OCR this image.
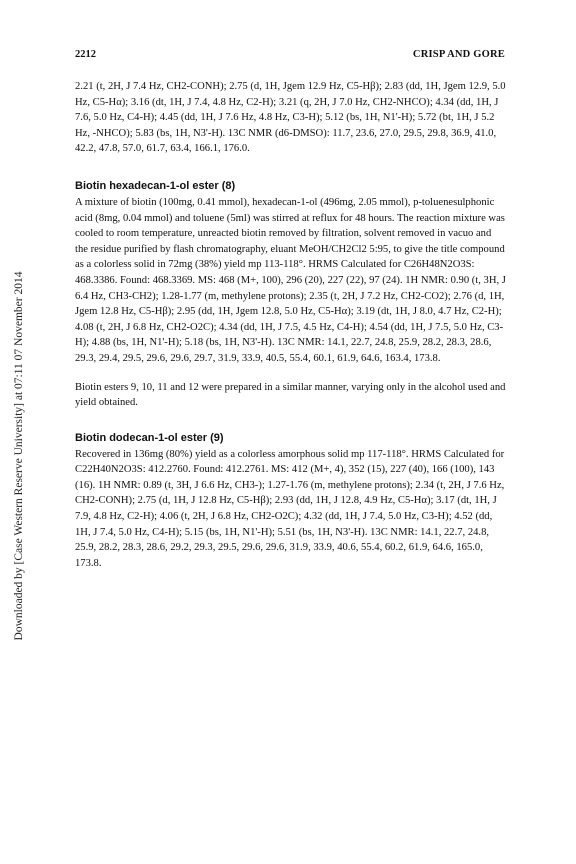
2212	CRISP AND GORE
Downloaded by [Case Western Reserve University] at 07:11 07 November 2014

2.21 (t, 2H, J 7.4 Hz, CH2-CONH); 2.75 (d, 1H, Jgem 12.9 Hz, C5-Hβ); 2.83 (dd, 1H, Jgem 12.9, 5.0 Hz, C5-Hα); 3.16 (dt, 1H, J 7.4, 4.8 Hz, C2-H); 3.21 (q, 2H, J 7.0 Hz, CH2-NHCO); 4.34 (dd, 1H, J 7.6, 5.0 Hz, C4-H); 4.45 (dd, 1H, J 7.6 Hz, 4.8 Hz, C3-H); 5.12 (bs, 1H, N1'-H); 5.72 (bt, 1H, J 5.2 Hz, -NHCO); 5.83 (bs, 1H, N3'-H). 13C NMR (d6-DMSO): 11.7, 23.6, 27.0, 29.5, 29.8, 36.9, 41.0, 42.2, 47.8, 57.0, 61.7, 63.4, 166.1, 176.0.

Biotin hexadecan-1-ol ester (8)

A mixture of biotin (100mg, 0.41 mmol), hexadecan-1-ol (496mg, 2.05 mmol), p-toluenesulphonic acid (8mg, 0.04 mmol) and toluene (5ml) was stirred at reflux for 48 hours. The reaction mixture was cooled to room temperature, unreacted biotin removed by filtration, solvent removed in vacuo and the residue purified by flash chromatography, eluant MeOH/CH2Cl2 5:95, to give the title compound as a colorless solid in 72mg (38%) yield mp 113-118°. HRMS Calculated for C26H48N2O3S: 468.3386. Found: 468.3369. MS: 468 (M+, 100), 296 (20), 227 (22), 97 (24). 1H NMR: 0.90 (t, 3H, J 6.4 Hz, CH3-CH2); 1.28-1.77 (m, methylene protons); 2.35 (t, 2H, J 7.2 Hz, CH2-CO2); 2.76 (d, 1H, Jgem 12.8 Hz, C5-Hβ); 2.95 (dd, 1H, Jgem 12.8, 5.0 Hz, C5-Hα); 3.19 (dt, 1H, J 8.0, 4.7 Hz, C2-H); 4.08 (t, 2H, J 6.8 Hz, CH2-O2C); 4.34 (dd, 1H, J 7.5, 4.5 Hz, C4-H); 4.54 (dd, 1H, J 7.5, 5.0 Hz, C3-H); 4.88 (bs, 1H, N1'-H); 5.18 (bs, 1H, N3'-H). 13C NMR: 14.1, 22.7, 24.8, 25.9, 28.2, 28.3, 28.6, 29.3, 29.4, 29.5, 29.6, 29.6, 29.7, 31.9, 33.9, 40.5, 55.4, 60.1, 61.9, 64.6, 163.4, 173.8.

Biotin esters 9, 10, 11 and 12 were prepared in a similar manner, varying only in the alcohol used and yield obtained.

Biotin dodecan-1-ol ester (9)

Recovered in 136mg (80%) yield as a colorless amorphous solid mp 117-118°. HRMS Calculated for C22H40N2O3S: 412.2760. Found: 412.2761. MS: 412 (M+, 4), 352 (15), 227 (40), 166 (100), 143 (16). 1H NMR: 0.89 (t, 3H, J 6.6 Hz, CH3-); 1.27-1.76 (m, methylene protons); 2.34 (t, 2H, J 7.6 Hz, CH2-CONH); 2.75 (d, 1H, J 12.8 Hz, C5-Hβ); 2.93 (dd, 1H, J 12.8, 4.9 Hz, C5-Hα); 3.17 (dt, 1H, J 7.9, 4.8 Hz, C2-H); 4.06 (t, 2H, J 6.8 Hz, CH2-O2C); 4.32 (dd, 1H, J 7.4, 5.0 Hz, C3-H); 4.52 (dd, 1H, J 7.4, 5.0 Hz, C4-H); 5.15 (bs, 1H, N1'-H); 5.51 (bs, 1H, N3'-H). 13C NMR: 14.1, 22.7, 24.8, 25.9, 28.2, 28.3, 28.6, 29.2, 29.3, 29.5, 29.6, 29.6, 31.9, 33.9, 40.6, 55.4, 60.2, 61.9, 64.6, 165.0, 173.8.
